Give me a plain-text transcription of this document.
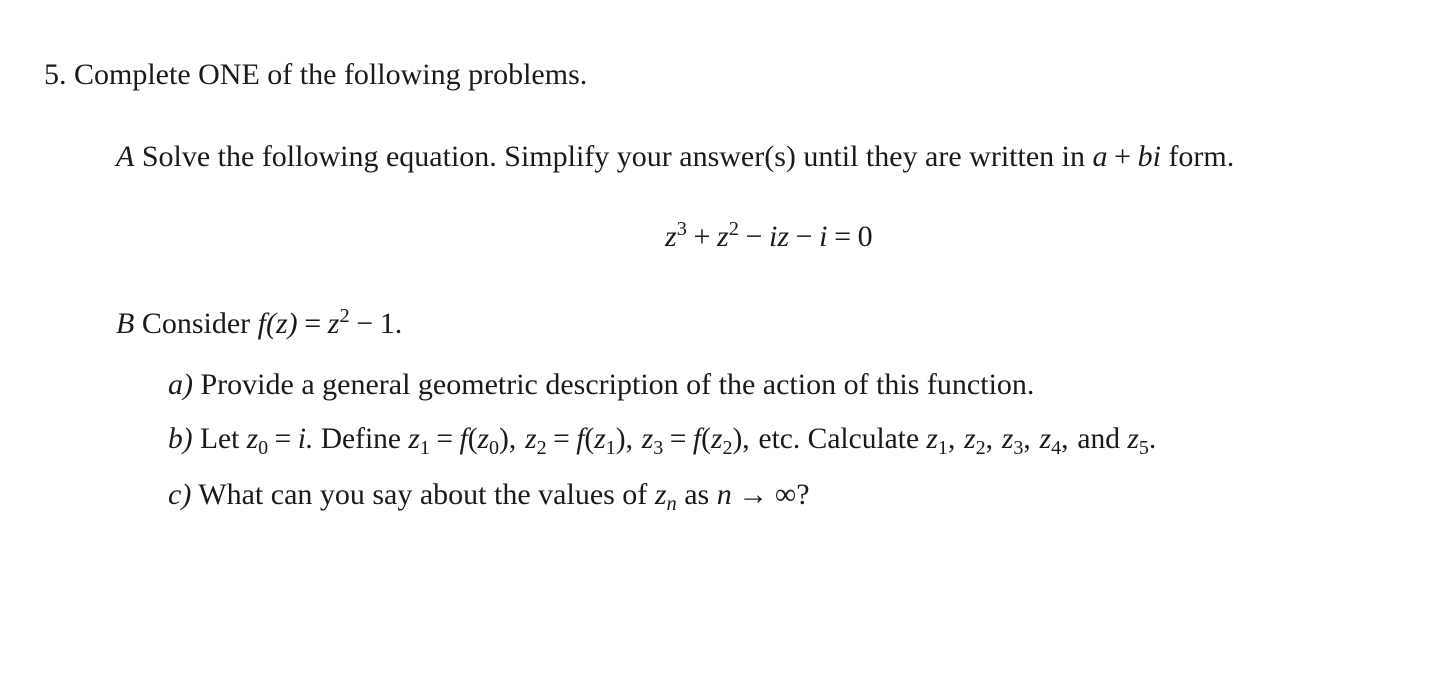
5. Complete ONE of the following problems.
A Solve the following equation. Simplify your answer(s) until they are written in a + bi form.
$z^3 + z^2$ − iz − i = 0
B Consider $f(z) = z^2 - 1$.
a) Provide a general geometric description of the action of this function.
b) Let $z_0 = i$. Define $z_1 = f(z_0)$, $z_2 = f(z_1)$, $z_3 = f(z_2)$, etc. Calculate $z_1$, $z_2$, $z_3$, $z_4$, and $z_5$.
c) What can you say about the values of $z_n$ as n → ∞?
